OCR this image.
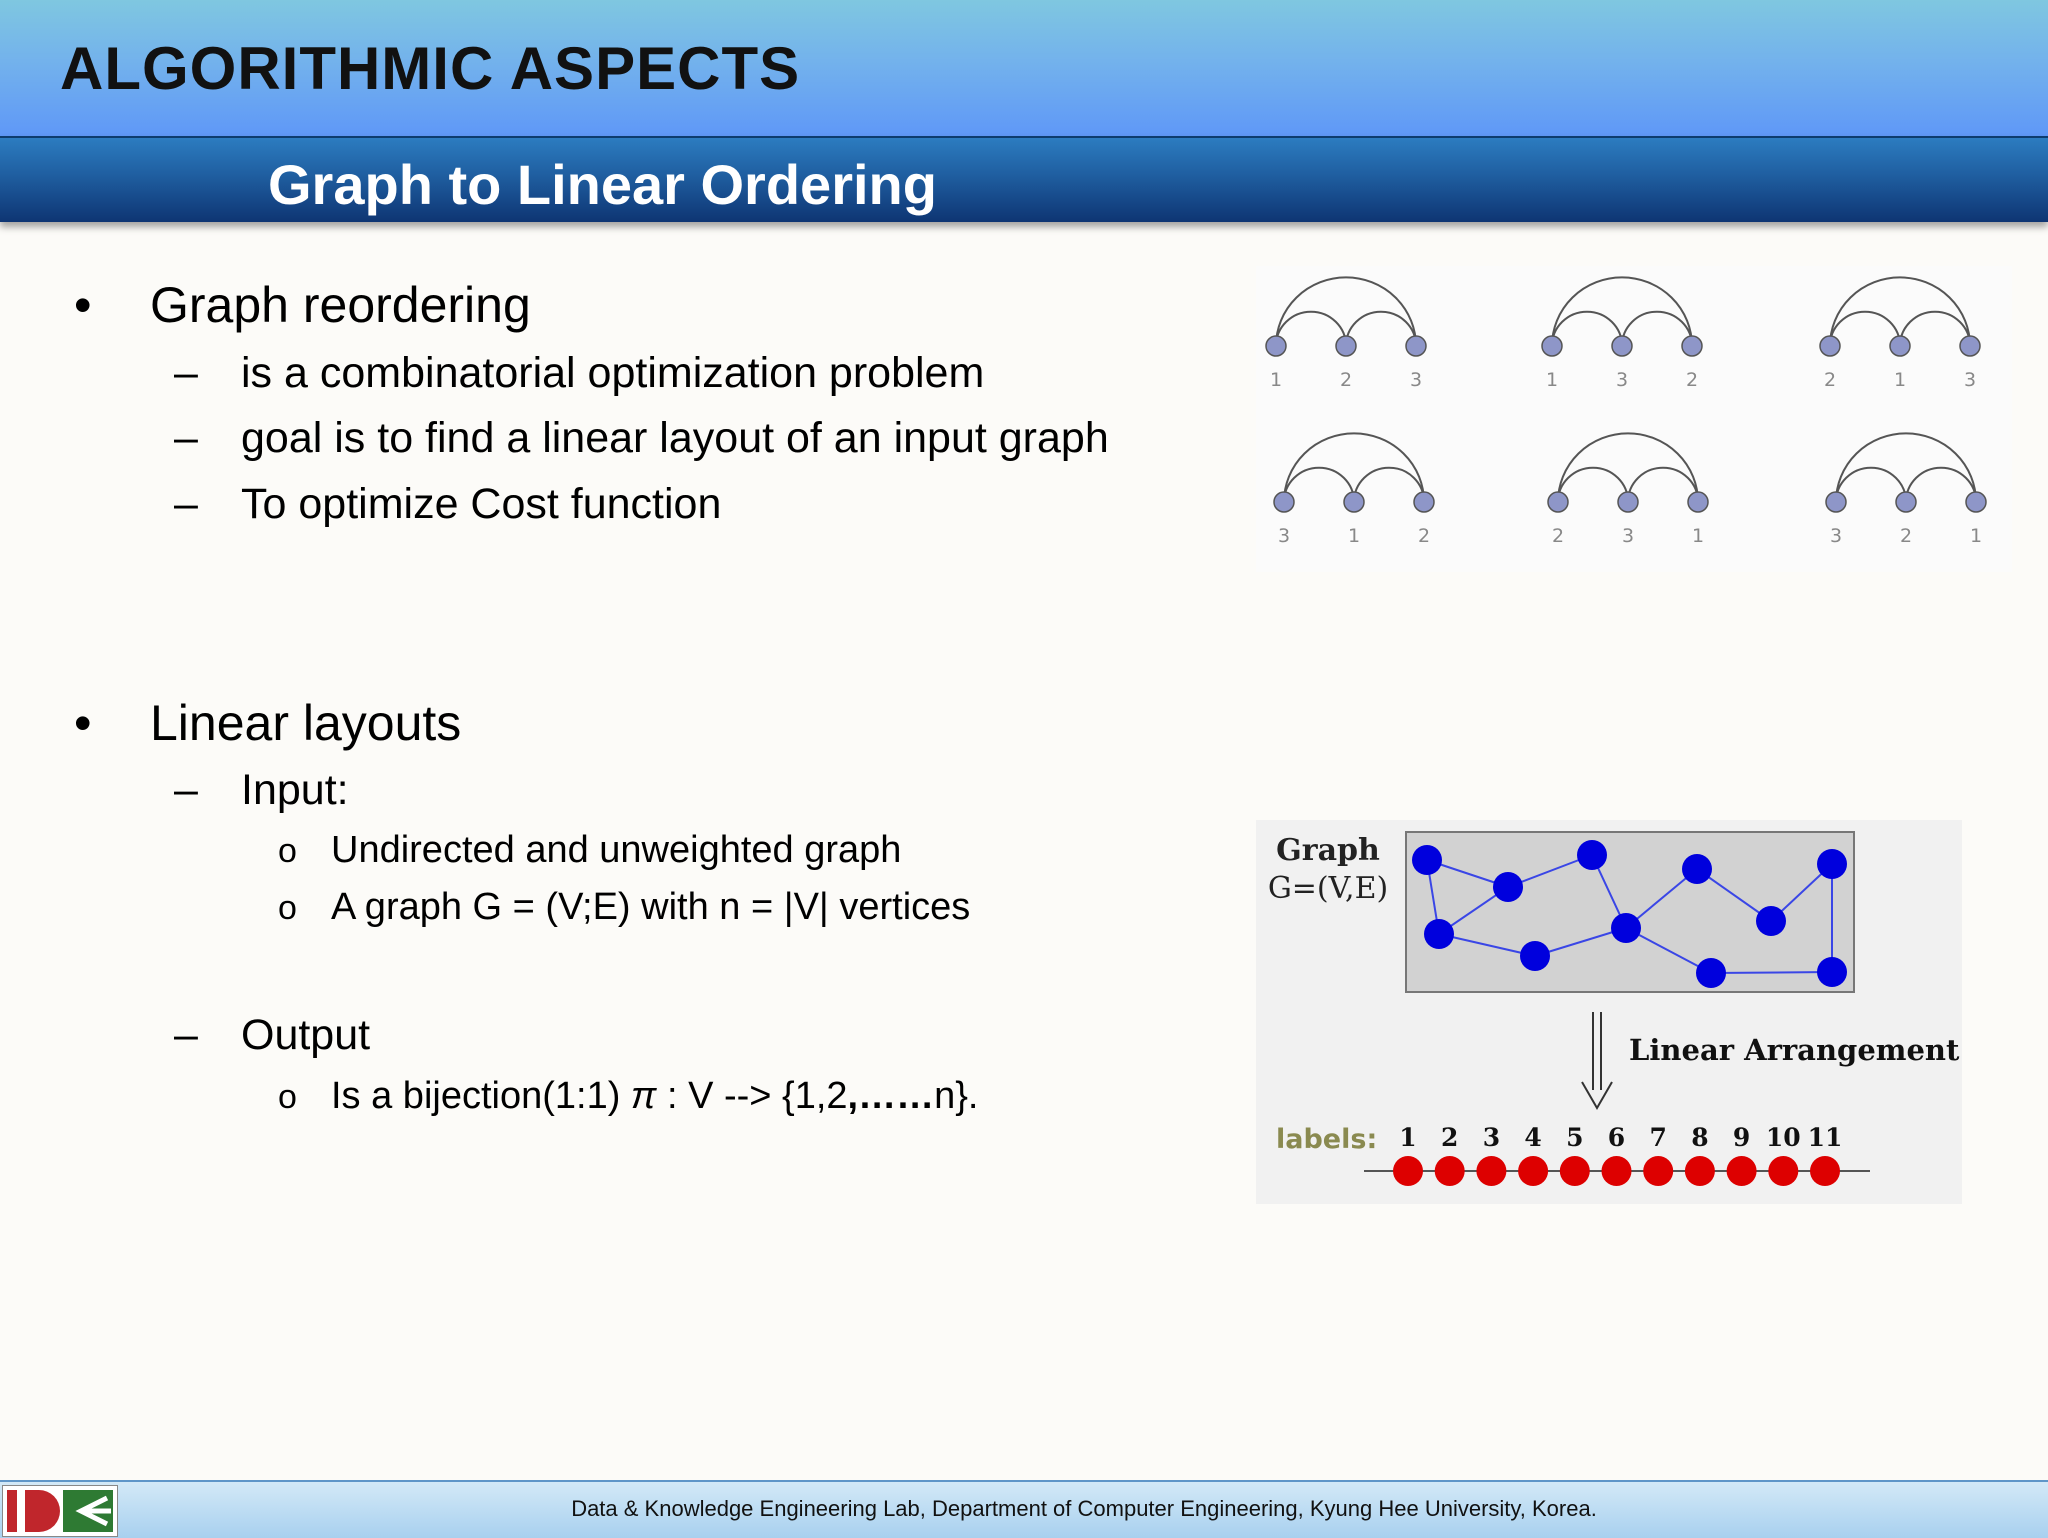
ALGORITHMIC ASPECTS
Graph to Linear Ordering
•	Graph reordering
–	is a combinatorial optimization problem
–	goal is to find a linear layout of an input graph
–	To optimize Cost function
•	Linear layouts
–	Input:
o Undirected and unweighted graph
o A graph G = (V;E) with n = |V| vertices
–	Output
o Is a bijection(1:1) π : V --> {1,2,……n}.
1	2	3	1	3	2	2	1	3
3	1	2	2	3	1	3	2	1
Graph
G=(V,E)
Linear Arrangement
labels: 1 2 3 4 5 6 7 8 9 10 11
Data & Knowledge Engineering Lab, Department of Computer Engineering, Kyung Hee University, Korea.
